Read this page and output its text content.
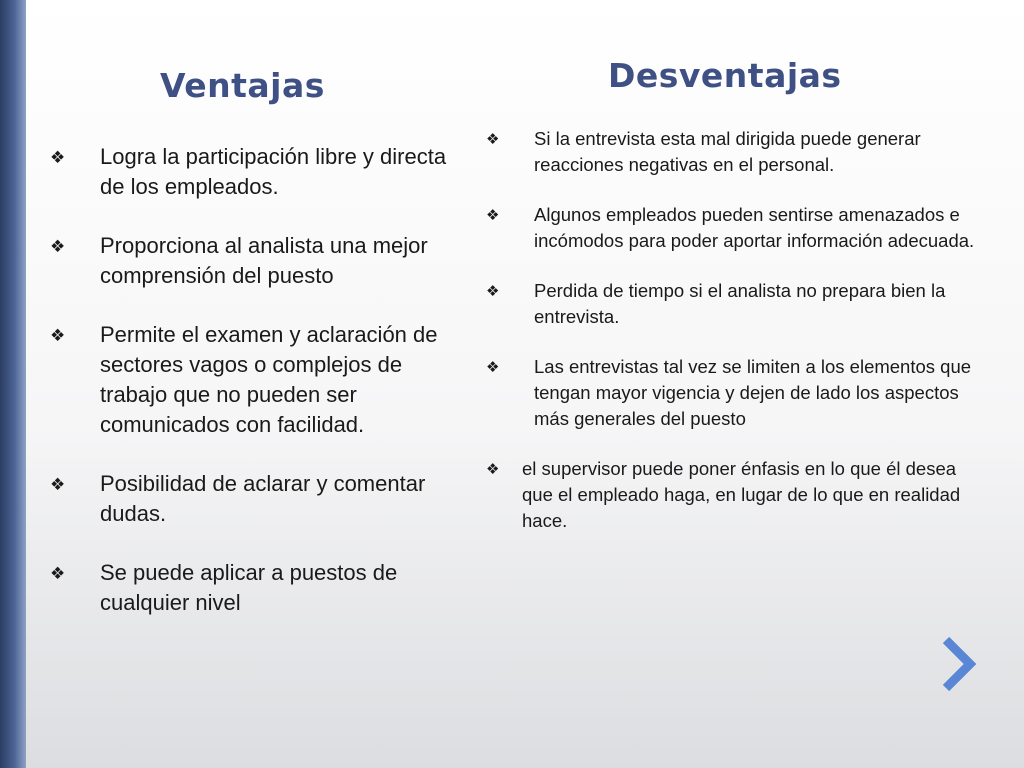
Ventajas	Desventajas
❖ Logra la participación libre y directa de los empleados.
❖ Proporciona al analista una mejor comprensión del puesto
❖ Permite el examen y aclaración de sectores vagos o complejos de trabajo que no pueden ser comunicados con facilidad.
❖ Posibilidad de aclarar y comentar dudas.
❖ Se puede aplicar a puestos de cualquier nivel
❖ Si la entrevista esta mal dirigida puede generar reacciones negativas en el personal.
❖ Algunos empleados pueden sentirse amenazados e incómodos para poder aportar información adecuada.
❖ Perdida de tiempo si el analista no prepara bien la entrevista.
❖ Las entrevistas tal vez se limiten a los elementos que tengan mayor vigencia y dejen de lado los aspectos más generales del puesto
❖ el supervisor puede poner énfasis en lo que él desea que el empleado haga, en lugar de lo que en realidad hace.
